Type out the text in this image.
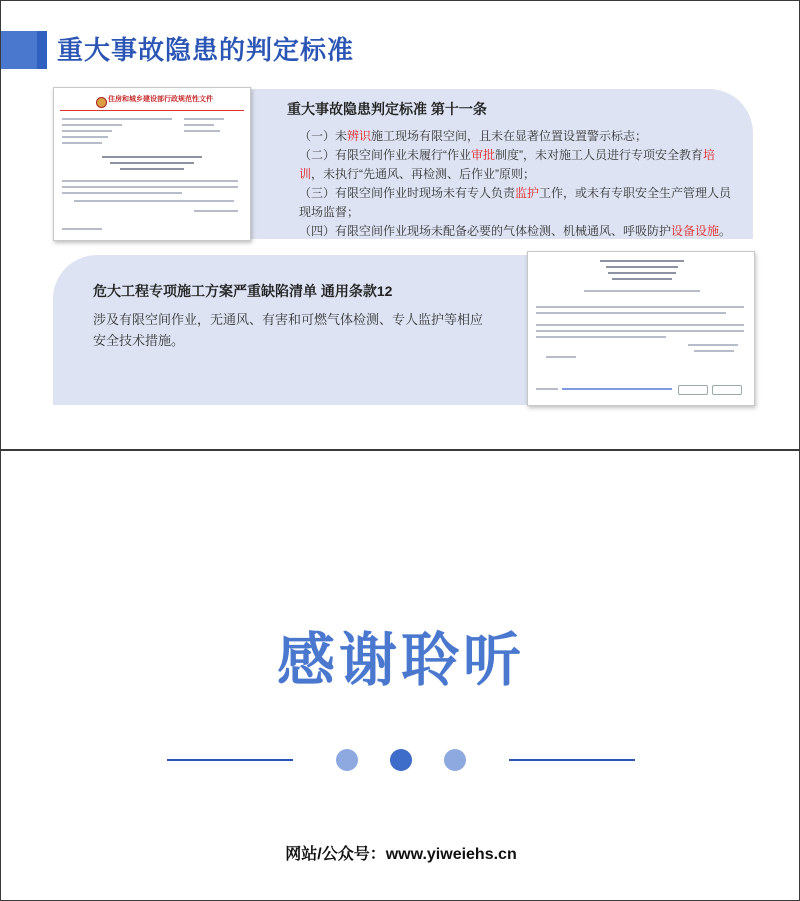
重大事故隐患的判定标准
重大事故隐患判定标准 第十一条

（一）未辨识施工现场有限空间，且未在显著位置设置警示标志；

（二）有限空间作业未履行“作业审批制度”，未对施工人员进行专项安全教育培训，未执行“先通风、再检测、后作业”原则；

（三）有限空间作业时现场未有专人负责监护工作，或未有专职安全生产管理人员现场监督；

（四）有限空间作业现场未配备必要的气体检测、机械通风、呼吸防护设备设施。

住房和城乡建设部行政规范性文件
危大工程专项施工方案严重缺陷清单 通用条款12
涉及有限空间作业，无通风、有害和可燃气体检测、专人监护等相应安全技术措施。
感谢聆听
网站/公众号：www.yiweiehs.cn
